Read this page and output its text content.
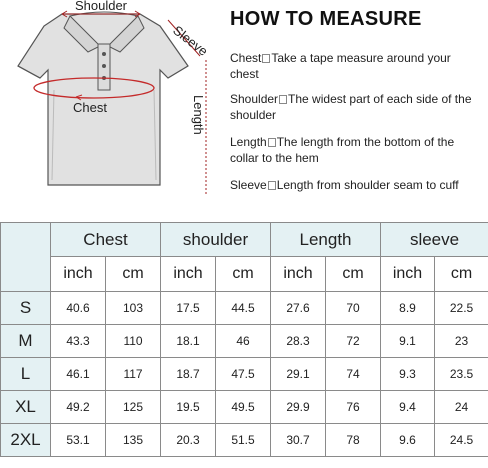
Shoulder
Sleeve
Length
Chest
HOW TO MEASURE
Chest Take a tape measure around your chest
Shoulder The widest part of each side of the shoulder
Length The length from the bottom of the collar to the hem
Sleeve Length from shoulder seam to cuff
	Chest		shoulder		Length		sleeve	
	inch	cm	inch	cm	inch	cm	inch	cm
S	40.6	103	17.5	44.5	27.6	70	8.9	22.5
M	43.3	110	18.1	46	28.3	72	9.1	23
L	46.1	117	18.7	47.5	29.1	74	9.3	23.5
XL	49.2	125	19.5	49.5	29.9	76	9.4	24
2XL	53.1	135	20.3	51.5	30.7	78	9.6	24.5
